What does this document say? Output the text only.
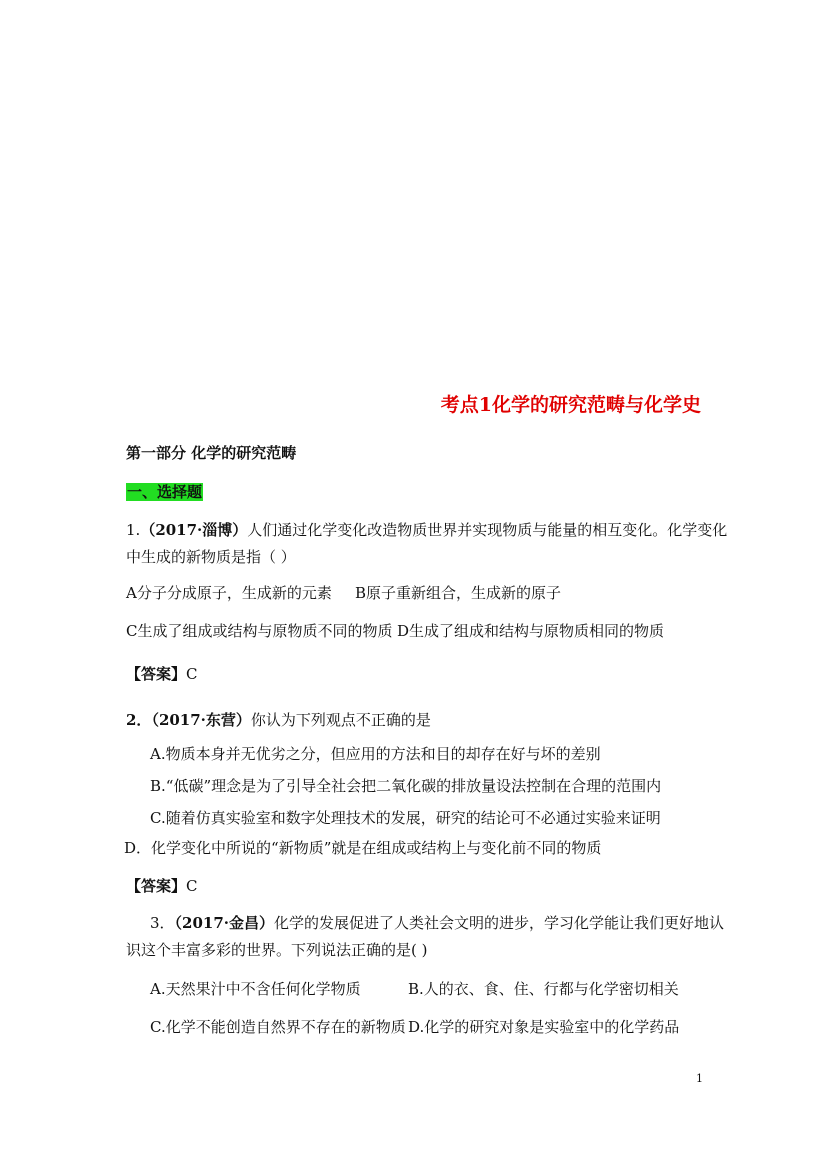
考点1化学的研究范畴与化学史
第一部分 化学的研究范畴
一、选择题
1.（2017·淄博）人们通过化学变化改造物质世界并实现物质与能量的相互变化。化学变化
中生成的新物质是指（ ）
A分子分成原子，生成新的元素 B原子重新组合，生成新的原子
C生成了组成或结构与原物质不同的物质 D生成了组成和结构与原物质相同的物质
【答案】C
2．（2017·东营）你认为下列观点不正确的是
A.物质本身并无优劣之分，但应用的方法和目的却存在好与坏的差别
B.“低碳”理念是为了引导全社会把二氧化碳的排放量设法控制在合理的范围内
C.随着仿真实验室和数字处理技术的发展，研究的结论可不必通过实验来证明
D．化学变化中所说的“新物质”就是在组成或结构上与变化前不同的物质
【答案】C
3．（2017·金昌）化学的发展促进了人类社会文明的进步，学习化学能让我们更好地认
识这个丰富多彩的世界。下列说法正确的是( )
A.天然果汁中不含任何化学物质	B.人的衣、食、住、行都与化学密切相关
C.化学不能创造自然界不存在的新物质 D.化学的研究对象是实验室中的化学药品
1
